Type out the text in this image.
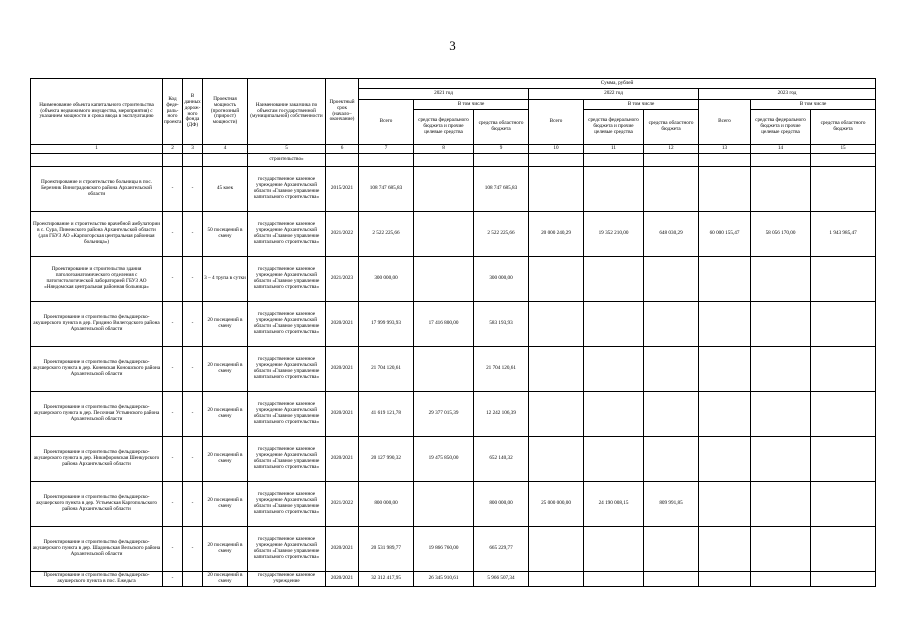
3
Наименование объекта капитального строительства (объекта недвижимого имущества, мероприятия) с указанием мощности и срока ввода в эксплуатацию	Код феде-раль-ного проекта	В данных дорож-ного фонда (ДФ)	Проектная мощность (прогнозный (прирост) мощности)	Наименование заказчика по объектам государственной (муниципальной) собственности	Проектный срок (начало–окончание)	Сумма, рублей								
						2021 год			2022 год			2023 год		
						Всего	В том числе		Всего	В том числе		Всего	В том числе	
							средства федерального бюджета и прочие целевые средства	средства областного бюджета		средства федерального бюджета и прочие целевые средства	средства областного бюджета		средства федерального бюджета и прочие целевые средства	средства областного бюджета
1	2	3	4	5	6	7	8	9	10	11	12	13	14	15
				строительство»										
Проектирование и строительство больницы в пос. Березник Виноградовского района Архангельской области	-	-	45 коек	государственное казенное учреждение Архангельской области «Главное управление капитального строительства»	2015/2021	108 747 685,83		108 747 685,83						
Проектирование и строительство врачебной амбулатории в с. Сура, Пинежского района Архангельской области (для ГБУЗ АО «Карпогорская центральная районная больница»)	-	-	50 посещений в смену	государственное казенное учреждение Архангельской области «Главное управление капитального строительства»	2021/2022	2 522 225,66		2 522 225,66	20 000 240,29	19 352 210,00	648 030,29	60 000 155,47	58 056 170,00	1 943 985,47
Проектирование и строительство здания патологоанатомического отделения с патогистологической лабораторией ГБУЗ АО «Няндомская центральная районная больница»	-	-	3 – 4 трупа в сутки	государственное казенное учреждение Архангельской области «Главное управление капитального строительства»	2021/2023	300 000,00		300 000,00						
Проектирование и строительство фельдшерско-акушерского пункта в дер. Гридино Вилегодского района Архангельской области	-	-	20 посещений в смену	государственное казенное учреждение Архангельской области «Главное управление капитального строительства»	2020/2021	17 999 993,93	17 416 800,00	583 193,93						
Проектирование и строительство фельдшерско-акушерского пункта в дер. Коневская Коношского района Архангельской области	-	-	20 посещений в смену	государственное казенное учреждение Архангельской области «Главное управление капитального строительства»	2020/2021	21 704 120,61		21 704 120,61						
Проектирование и строительство фельдшерско-акушерского пункта в дер. Песочная Устьянского района Архангельской области	-	-	20 посещений в смену	государственное казенное учреждение Архангельской области «Главное управление капитального строительства»	2020/2021	41 619 121,78	29 377 015,39	12 242 106,39						
Проектирование и строительство фельдшерско-акушерского пункта в дер. Никифоровская Шенкурского района Архангельской области	-	-	20 посещений в смену	государственное казенное учреждение Архангельской области «Главное управление капитального строительства»	2020/2021	20 127 990,32	19 475 850,00	652 140,32						
Проектирование и строительство фельдшерско-акушерского пункта в дер. Устьемская Каргопольского района Архангельской области	-	-	20 посещений в смену	государственное казенное учреждение Архангельской области «Главное управление капитального строительства»	2021/2022	800 000,00		800 000,00	25 000 000,00	24 190 008,15	809 991,85			
Проектирование и строительство фельдшерско-акушерского пункта в дер. Шадоньская Вельского района Архангельской области	-	-	20 посещений в смену	государственное казенное учреждение Архангельской области «Главное управление капитального строительства»	2020/2021	20 531 989,77	19 866 760,00	665 229,77						
Проектирование и строительство фельдшерско-акушерского пункта в пос. Ежедьга	-		20 посещений в смену	государственное казенное учреждение	2020/2021	32 312 417,95	26 345 910,61	5 966 507,34						
